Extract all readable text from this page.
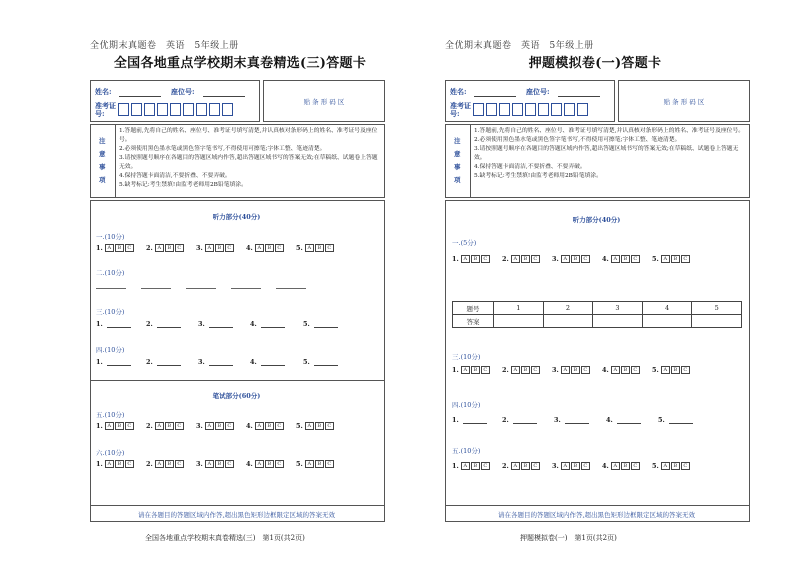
全优期末真题卷　英语　5年级上册
全国各地重点学校期末真卷精选(三)答题卡
姓名:	座位号:
准考证号:
贴 条 形 码 区
注意事项
1.答题前,先将自己的姓名、座位号、准考证号填写清楚,并认真核对条形码上的姓名、准考证号及座位号。
2.必须使用黑色墨水笔或黑色签字笔书写,不得使用可擦笔;字体工整、笔迹清楚。
3.请按照题号顺序在各题目的答题区域内作答,超出答题区域书写的答案无效;在草稿纸、试题卷上答题无效。
4.保持答题卡面清洁,不要折叠、不要弄破。
5.缺考标记:考生禁填!由监考老师用2B铅笔填涂。
听力部分(40分)
一.(10分)
1. A	B	C	2. A	B	C	3. A	B	C	4. A	B	C	5. A	B	C
二.(10分)
三.(10分)
1.	2.	3.	4.	5.
四.(10分)
1.	2.	3.	4.	5.
笔试部分(60分)
五.(10分)
1. A	B	C	2. A	B	C	3. A	B	C	4. A	B	C	5. A	B	C
六.(10分)
1. A	B	C	2. A	B	C	3. A	B	C	4. A	B	C	5. A	B	C
请在各题目的答题区域内作答,超出黑色矩形边框限定区域的答案无效
全国各地重点学校期末真卷精选(三)　第1页(共2页)
全优期末真题卷　英语　5年级上册
押题模拟卷(一)答题卡
姓名:	座位号:
准考证号:
贴 条 形 码 区
注意事项
1.答题前,先将自己的姓名、座位号、准考证号填写清楚,并认真核对条形码上的姓名、准考证号及座位号。
2.必须使用黑色墨水笔或黑色签字笔书写,不得使用可擦笔;字体工整、笔迹清楚。
3.请按照题号顺序在各题目的答题区域内作答,超出答题区域书写的答案无效;在草稿纸、试题卷上答题无效。
4.保持答题卡面清洁,不要折叠、不要弄破。
5.缺考标记:考生禁填!由监考老师用2B铅笔填涂。
听力部分(40分)
一.(5分)
1. A	B	C	2. A	B	C	3. A	B	C	4. A	B	C	5. A	B	C
题号	1	2	3	4	5
答案					
三.(10分)
1. A	B	C	2. A	B	C	3. A	B	C	4. A	B	C	5. A	B	C
四.(10分)
1.	2.	3.	4.	5.
五.(10分)
1. A	B	C	2. A	B	C	3. A	B	C	4. A	B	C	5. A	B	C
请在各题目的答题区域内作答,超出黑色矩形边框限定区域的答案无效
押题模拟卷(一)　第1页(共2页)
